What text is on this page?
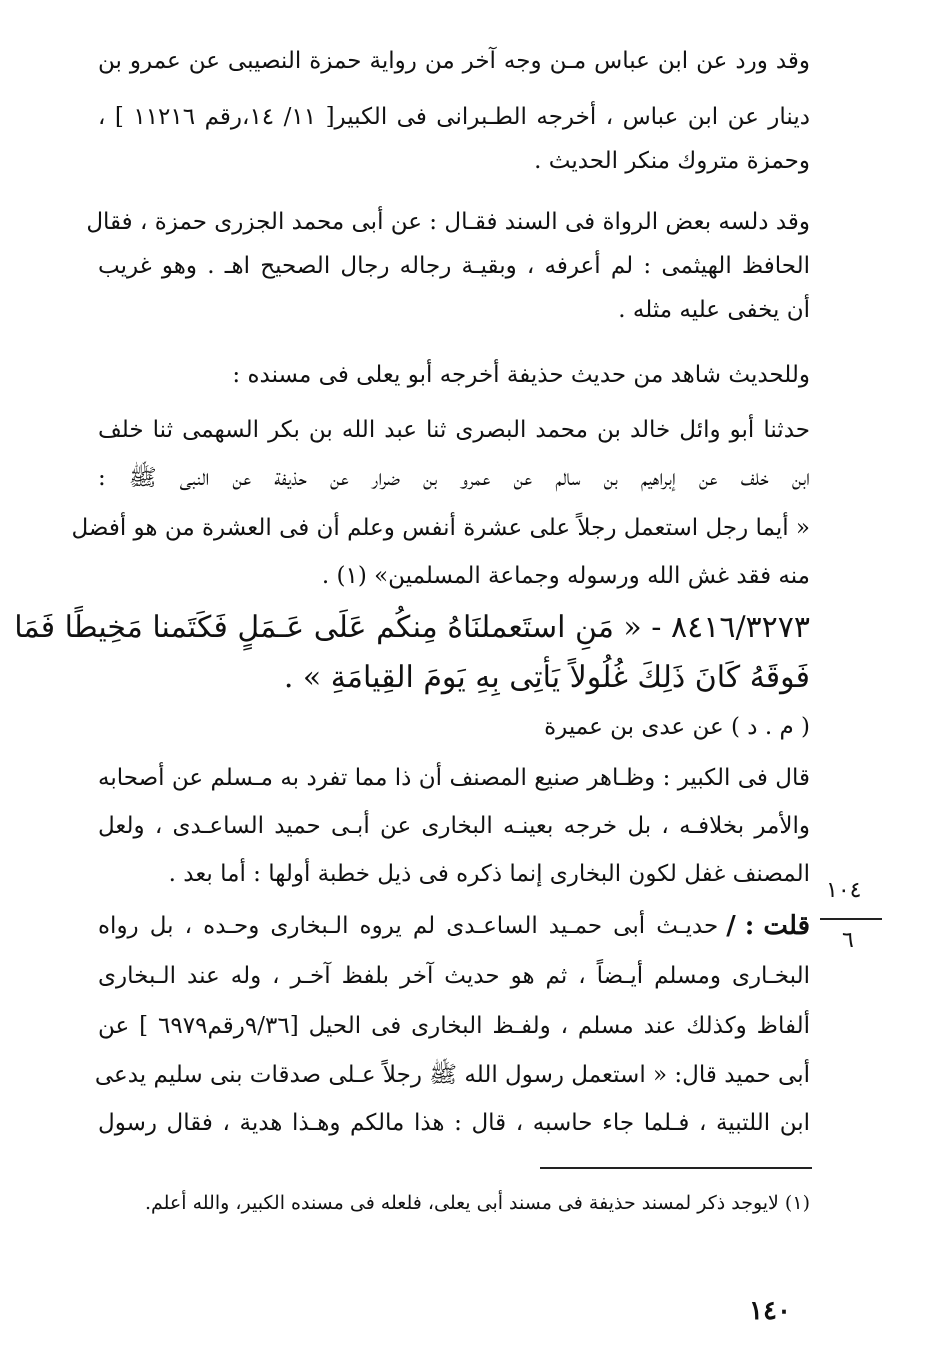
وقد ورد عن ابن عباس مـن وجه آخر من رواية حمزة النصيبى عن عمرو بن
دينار عن ابن عباس ، أخرجه الطـبرانى فى الكبير[ ١١/ ١٤،رقم ١١٢١٦ ] ،
وحمزة متروك منكر الحديث .
وقد دلسه بعض الرواة فى السند فقـال : عن أبى محمد الجزرى حمزة ، فقال
الحافظ الهيثمى : لم أعرفه ، وبقيـة رجاله رجال الصحيح اهـ . وهو غريب
أن يخفى عليه مثله .
وللحديث شاهد من حديث حذيفة أخرجه أبو يعلى فى مسنده :
حدثنا أبو وائل خالد بن محمد البصرى ثنا عبد الله بن بكر السهمى ثنا خلف
ابن خلف عن إبراهيم بن سالم عن عمرو بن ضرار عن حذيفة عن النبى ﷺ :
« أيما رجل استعمل رجلاً على عشرة أنفس وعلم أن فى العشرة من هو أفضل
منه فقد غش الله ورسوله وجماعة المسلمين» (١) .
٨٤١٦/٣٢٧٣ - « مَنِ استَعملنَاهُ مِنكُم عَلَى عَـمَلٍ فَكَتَمنا مَخِيطًا فَمَا
فَوقَهُ كَانَ ذَلِكَ غُلُولاً يَأتِى بِهِ يَومَ القِيامَةِ » .
( م . د ) عن عدى بن عميرة
قال فى الكبير : وظـاهر صنيع المصنف أن ذا مما تفرد به مـسلم عن أصحابه
والأمر بخلافـه ، بل خرجه بعينـه البخارى عن أبـى حميد الساعـدى ، ولعل
المصنف غفل لكون البخارى إنما ذكره فى ذيل خطبة أولها : أما بعد .
١٠٤
٦
قلت : /
حديـث أبى حمـيد الساعـدى لم يروه الـبخارى وحـده ، بل رواه
البخـارى ومسلم أيـضاً ، ثم هو حديث آخر بلفظ آخـر ، وله عند الـبخارى
ألفاظ وكذلك عند مسلم ، ولفـظ البخارى فى الحيل [٩/٣٦رقم٦٩٧٩ ] عن
أبى حميد قال: « استعمل رسول الله ﷺ رجلاً عـلى صدقات بنى سليم يدعى
ابن اللتبية ، فـلما جاء حاسبه ، قال : هذا مالكم وهـذا هدية ، فقال رسول
(١) لايوجد ذكر لمسند حذيفة فى مسند أبى يعلى، فلعله فى مسنده الكبير، والله أعلم.
١٤٠
